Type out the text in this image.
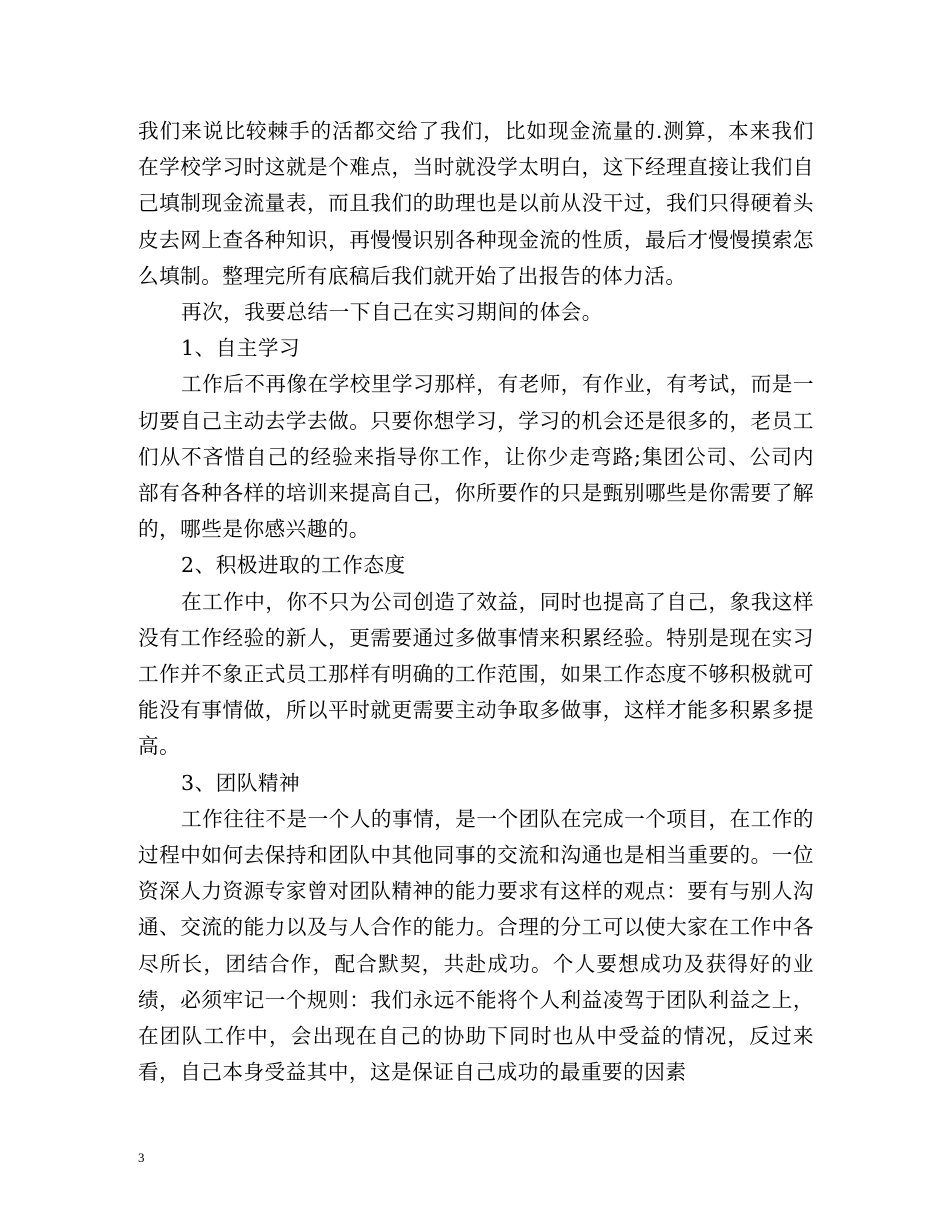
我们来说比较棘手的活都交给了我们，比如现金流量的.测算，本来我们在学校学习时这就是个难点，当时就没学太明白，这下经理直接让我们自己填制现金流量表，而且我们的助理也是以前从没干过，我们只得硬着头皮去网上查各种知识，再慢慢识别各种现金流的性质，最后才慢慢摸索怎么填制。整理完所有底稿后我们就开始了出报告的体力活。

再次，我要总结一下自己在实习期间的体会。

1、自主学习

工作后不再像在学校里学习那样，有老师，有作业，有考试，而是一切要自己主动去学去做。只要你想学习，学习的机会还是很多的，老员工们从不吝惜自己的经验来指导你工作，让你少走弯路;集团公司、公司内部有各种各样的培训来提高自己，你所要作的只是甄别哪些是你需要了解的，哪些是你感兴趣的。

2、积极进取的工作态度

在工作中，你不只为公司创造了效益，同时也提高了自己，象我这样没有工作经验的新人，更需要通过多做事情来积累经验。特别是现在实习工作并不象正式员工那样有明确的工作范围，如果工作态度不够积极就可能没有事情做，所以平时就更需要主动争取多做事，这样才能多积累多提高。

3、团队精神

工作往往不是一个人的事情，是一个团队在完成一个项目，在工作的过程中如何去保持和团队中其他同事的交流和沟通也是相当重要的。一位资深人力资源专家曾对团队精神的能力要求有这样的观点：要有与别人沟通、交流的能力以及与人合作的能力。合理的分工可以使大家在工作中各尽所长，团结合作，配合默契，共赴成功。个人要想成功及获得好的业绩，必须牢记一个规则：我们永远不能将个人利益凌驾于团队利益之上，在团队工作中，会出现在自己的协助下同时也从中受益的情况，反过来看，自己本身受益其中，这是保证自己成功的最重要的因素

3
